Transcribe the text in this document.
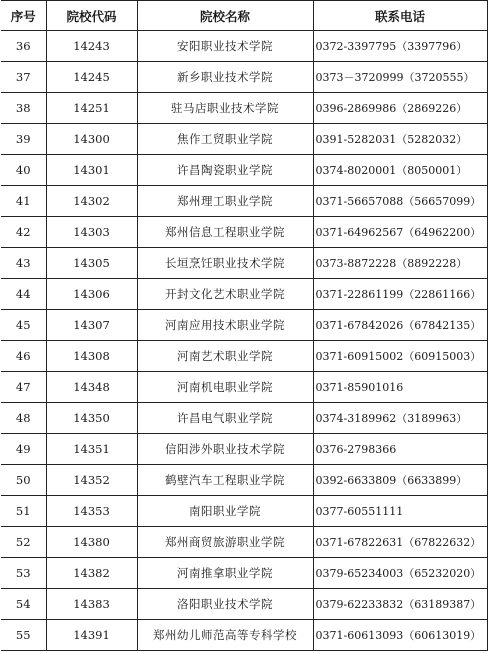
序号	院校代码	院校名称	联系电话
36	14243	安阳职业技术学院	0372-3397795（3397796）
37	14245	新乡职业技术学院	0373－3720999（3720555）
38	14251	驻马店职业技术学院	0396-2869986（2869226）
39	14300	焦作工贸职业学院	0391-5282031（5282032）
40	14301	许昌陶瓷职业学院	0374-8020001（8050001）
41	14302	郑州理工职业学院	0371-56657088（56657099）
42	14303	郑州信息工程职业学院	0371-64962567（64962200）
43	14305	长垣烹饪职业技术学院	0373-8872228（8892228）
44	14306	开封文化艺术职业学院	0371-22861199（22861166）
45	14307	河南应用技术职业学院	0371-67842026（67842135）
46	14308	河南艺术职业学院	0371-60915002（60915003）
47	14348	河南机电职业学院	0371-85901016
48	14350	许昌电气职业学院	0374-3189962（3189963）
49	14351	信阳涉外职业技术学院	0376-2798366
50	14352	鹤壁汽车工程职业学院	0392-6633809（6633899）
51	14353	南阳职业学院	0377-60551111
52	14380	郑州商贸旅游职业学院	0371-67822631（67822632）
53	14382	河南推拿职业学院	0379-65234003（65232020）
54	14383	洛阳职业技术学院	0379-62233832（63189387）
55	14391	郑州幼儿师范高等专科学校	0371-60613093（60613019）
